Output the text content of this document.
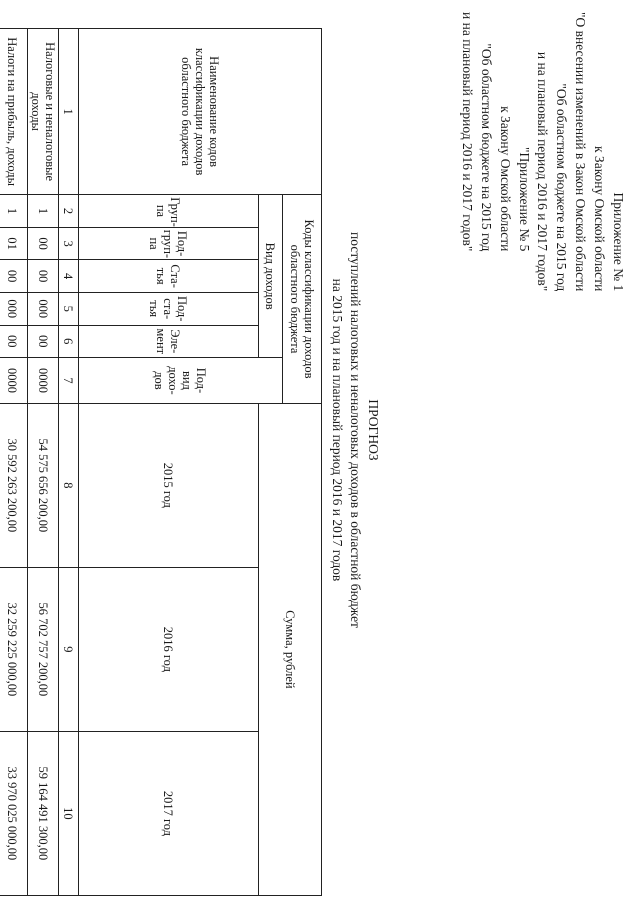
Приложение № 1
к Закону Омской области
"О внесении изменений в Закон Омской области
"Об областном бюджете на 2015 год
и на плановый период 2016 и 2017 годов"
"Приложение № 5
к Закону Омской области
"Об областном бюджете на 2015 год
и на плановый период 2016 и 2017 годов"
ПРОГНОЗ
поступлений налоговых и неналоговых доходов в областной бюджет
на 2015 год и на плановый период 2016 и 2017 годов
Наименование кодов классификации доходов областного бюджета	Коды классификации доходов областного бюджета						Сумма, рублей		
	Вид доходов					Под-вид дохо-дов			
	Груп-па	Под-груп-па	Ста-тья	Под-ста-тья	Эле-мент		2015 год	2016 год	2017 год
1	2	3	4	5	6	7	8	9	10
Налоговые и неналоговые доходы	1	00	00	000	00	0000	54 575 656 200,00	56 702 757 200,00	59 164 491 300,00
Налоги на прибыль, доходы	1	01	00	000	00	0000	30 592 263 200,00	32 259 225 000,00	33 970 025 000,00
